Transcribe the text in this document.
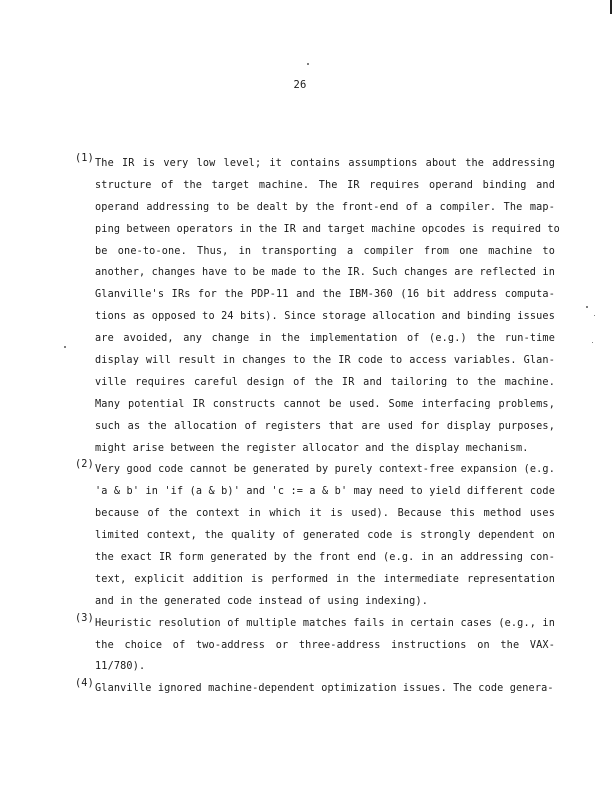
26
(1) The IR is very low level; it contains assumptions about the addressing
structure of the target machine. The IR requires operand binding and
operand addressing to be dealt by the front-end of a compiler. The map-
ping between operators in the IR and target machine opcodes is required to
be one-to-one. Thus, in transporting a compiler from one machine to
another, changes have to be made to the IR. Such changes are reflected in
Glanville's IRs for the PDP-11 and the IBM-360 (16 bit address computa-
tions as opposed to 24 bits). Since storage allocation and binding issues
are avoided, any change in the implementation of (e.g.) the run-time
display will result in changes to the IR code to access variables. Glan-
ville requires careful design of the IR and tailoring to the machine.
Many potential IR constructs cannot be used. Some interfacing problems,
such as the allocation of registers that are used for display purposes,
might arise between the register allocator and the display mechanism.
(2) Very good code cannot be generated by purely context-free expansion (e.g.
'a & b' in 'if (a & b)' and 'c := a & b' may need to yield different code
because of the context in which it is used). Because this method uses
limited context, the quality of generated code is strongly dependent on
the exact IR form generated by the front end (e.g. in an addressing con-
text, explicit addition is performed in the intermediate representation
and in the generated code instead of using indexing).
(3) Heuristic resolution of multiple matches fails in certain cases (e.g., in
the choice of two-address or three-address instructions on the VAX-
11/780).
(4) Glanville ignored machine-dependent optimization issues. The code genera-
